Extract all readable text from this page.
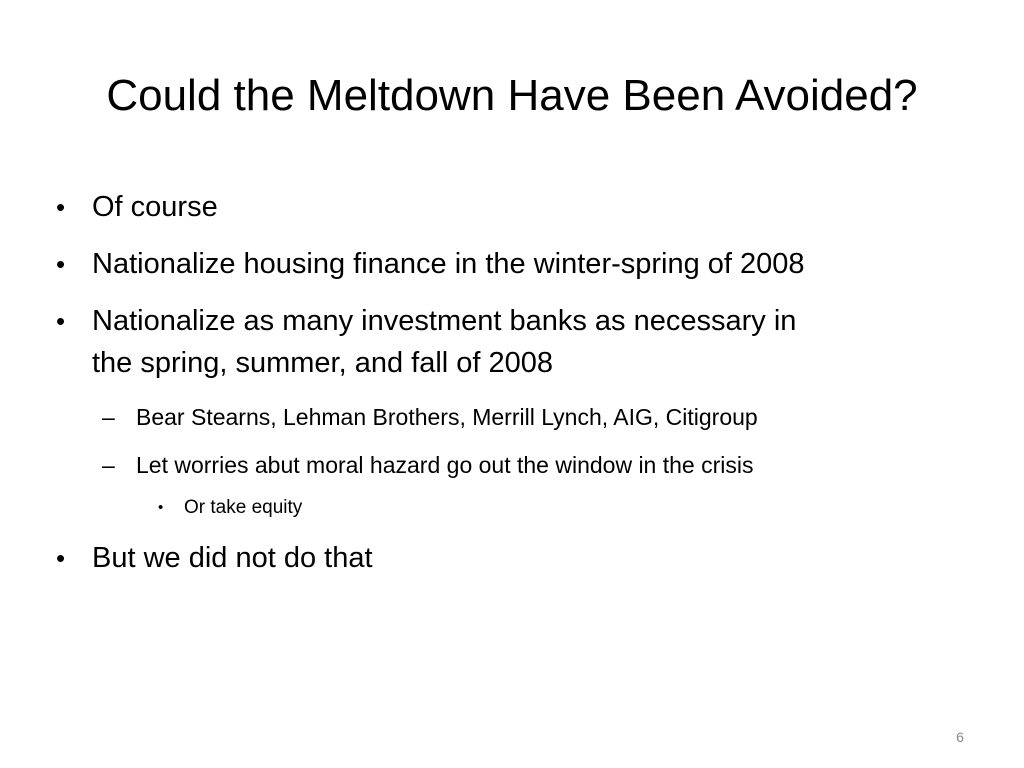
Could the Meltdown Have Been Avoided?
• Of course
• Nationalize housing finance in the winter-spring of 2008
• Nationalize as many investment banks as necessary in
the spring, summer, and fall of 2008
– Bear Stearns, Lehman Brothers, Merrill Lynch, AIG, Citigroup
– Let worries abut moral hazard go out the window in the crisis
• Or take equity
• But we did not do that
6
